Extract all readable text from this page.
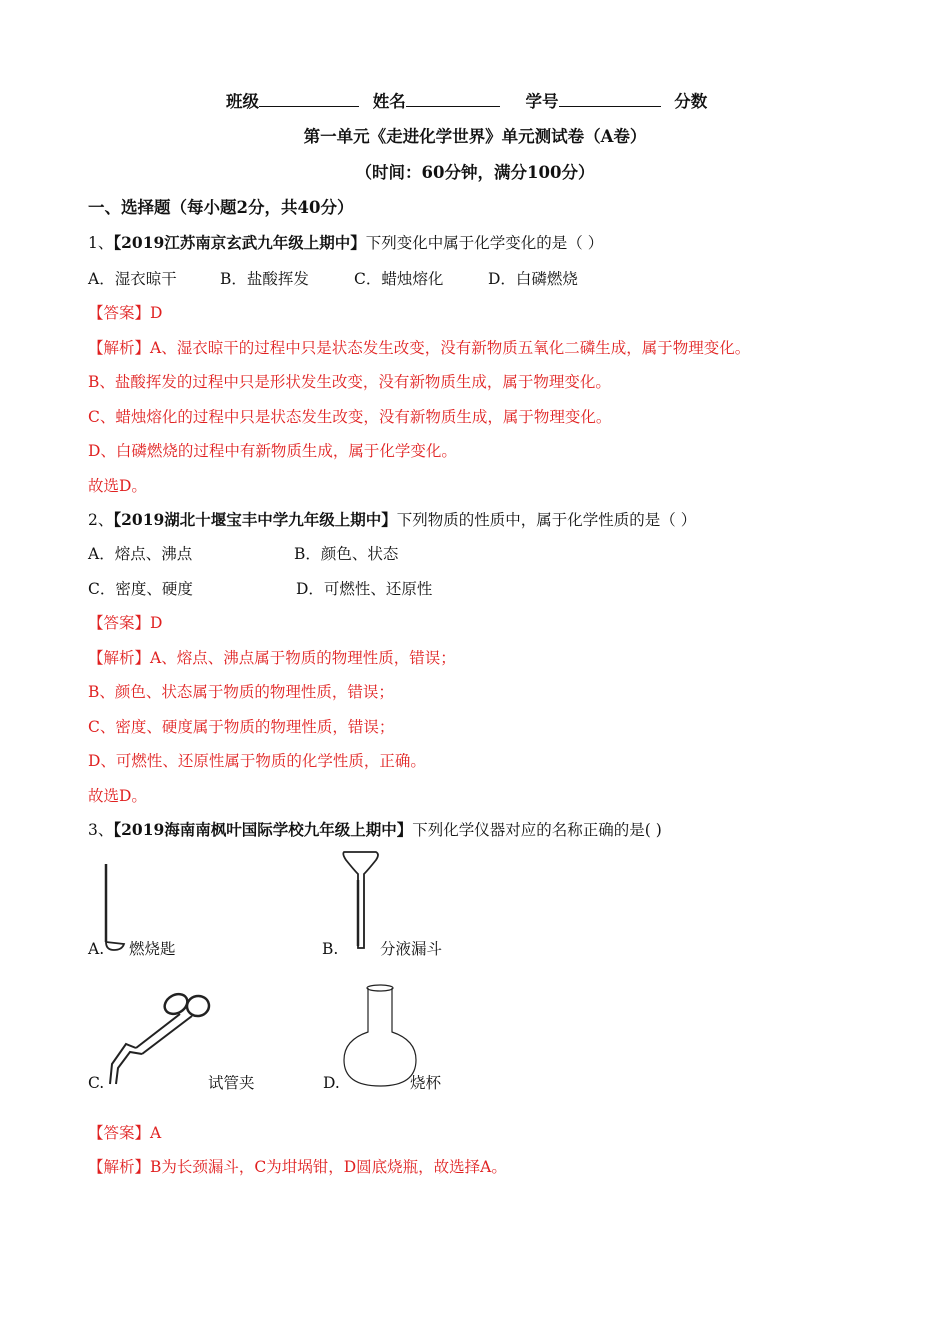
班级	姓名	学号	分数
第一单元《走进化学世界》单元测试卷（A卷）
（时间：60分钟，满分100分）
一、选择题（每小题2分，共40分）
1、【2019江苏南京玄武九年级上期中】下列变化中属于化学变化的是（ ）
A．湿衣晾干	B．盐酸挥发	C．蜡烛熔化	D．白磷燃烧
【答案】D
【解析】A、湿衣晾干的过程中只是状态发生改变，没有新物质五氧化二磷生成，属于物理变化。
B、盐酸挥发的过程中只是形状发生改变，没有新物质生成，属于物理变化。
C、蜡烛熔化的过程中只是状态发生改变，没有新物质生成，属于物理变化。
D、白磷燃烧的过程中有新物质生成，属于化学变化。
故选D。
2、【2019湖北十堰宝丰中学九年级上期中】下列物质的性质中，属于化学性质的是（ ）
A．熔点、沸点	B．颜色、状态
C．密度、硬度	D．可燃性、还原性
【答案】D
【解析】A、熔点、沸点属于物质的物理性质，错误；
B、颜色、状态属于物质的物理性质，错误；
C、密度、硬度属于物质的物理性质，错误；
D、可燃性、还原性属于物质的化学性质，正确。
故选D。
3、【2019海南南枫叶国际学校九年级上期中】下列化学仪器对应的名称正确的是( )
A. 燃烧匙	B.	分液漏斗
C.	试管夹	D.	烧杯
【答案】A
【解析】B为长颈漏斗，C为坩埚钳，D圆底烧瓶，故选择A。
